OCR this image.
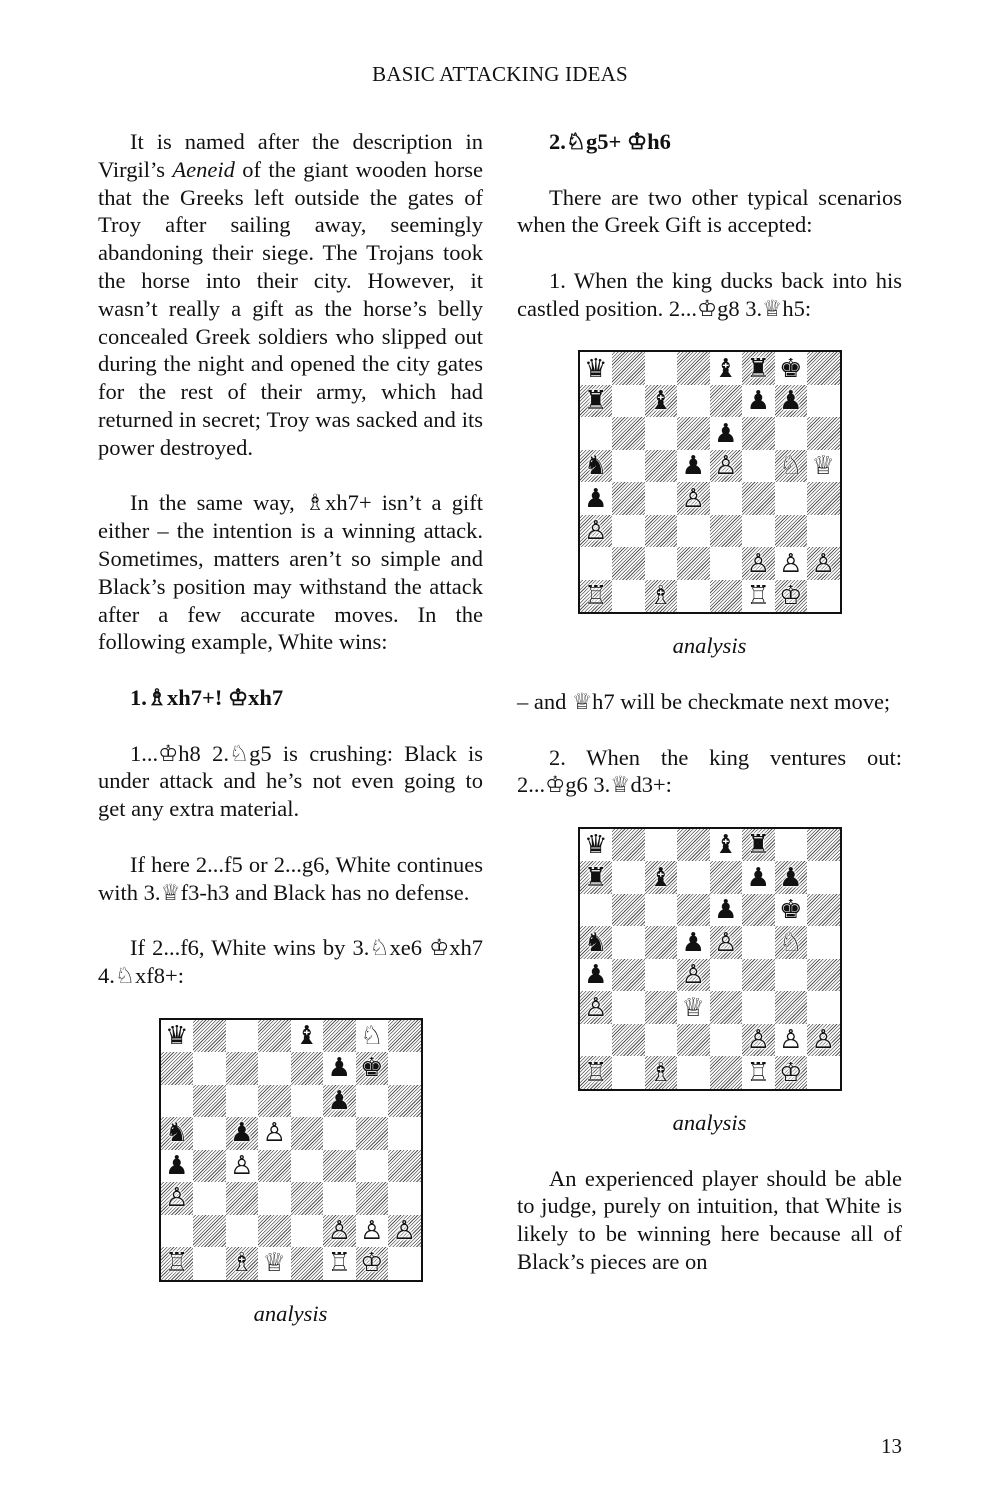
BASIC ATTACKING IDEAS

It is named after the description in Virgil’s Aeneid of the giant wooden horse that the Greeks left outside the gates of Troy after sailing away, seemingly abandoning their siege. The Trojans took the horse into their city. However, it wasn’t really a gift as the horse’s belly concealed Greek soldiers who slipped out during the night and opened the city gates for the rest of their army, which had returned in secret; Troy was sacked and its power destroyed.

In the same way, ♗xh7+ isn’t a gift either – the intention is a winning attack. Sometimes, matters aren’t so simple and Black’s position may withstand the attack after a few accurate moves. In the following example, White wins:

1.♗xh7+! ♔xh7

1...♔h8 2.♘g5 is crushing: Black is under attack and he’s not even going to get any extra material.

If here 2...f5 or 2...g6, White continues with 3.♕f3-h3 and Black has no defense.

If 2...f6, White wins by 3.♘xe6 ♔xh7 4.♘xf8+:

♛	♝ ♘
♟ ♚
♟
♞ ♟ ♙
♟ ♙
♙
♙ ♙ ♙
♖ ♗ ♕ ♖ ♔

analysis

2.♘g5+ ♔h6

There are two other typical scenarios when the Greek Gift is accepted:

1. When the king ducks back into his castled position. 2...♔g8 3.♕h5:

♛	♝ ♜ ♚
♜ ♝	♟ ♟
♟
♞	♟ ♙ ♘ ♕
♟	♙
♙
♙ ♙ ♙
♖ ♗	♖ ♔

analysis

– and ♕h7 will be checkmate next move;

2. When the king ventures out: 2...♔g6 3.♕d3+:

♛	♝ ♜
♜ ♝	♟ ♟
♟ ♚
♞	♟ ♙ ♘
♟	♙
♙	♕
♙ ♙ ♙
♖ ♗	♖ ♔

analysis

An experienced player should be able to judge, purely on intuition, that White is likely to be winning here because all of Black’s pieces are on

13
